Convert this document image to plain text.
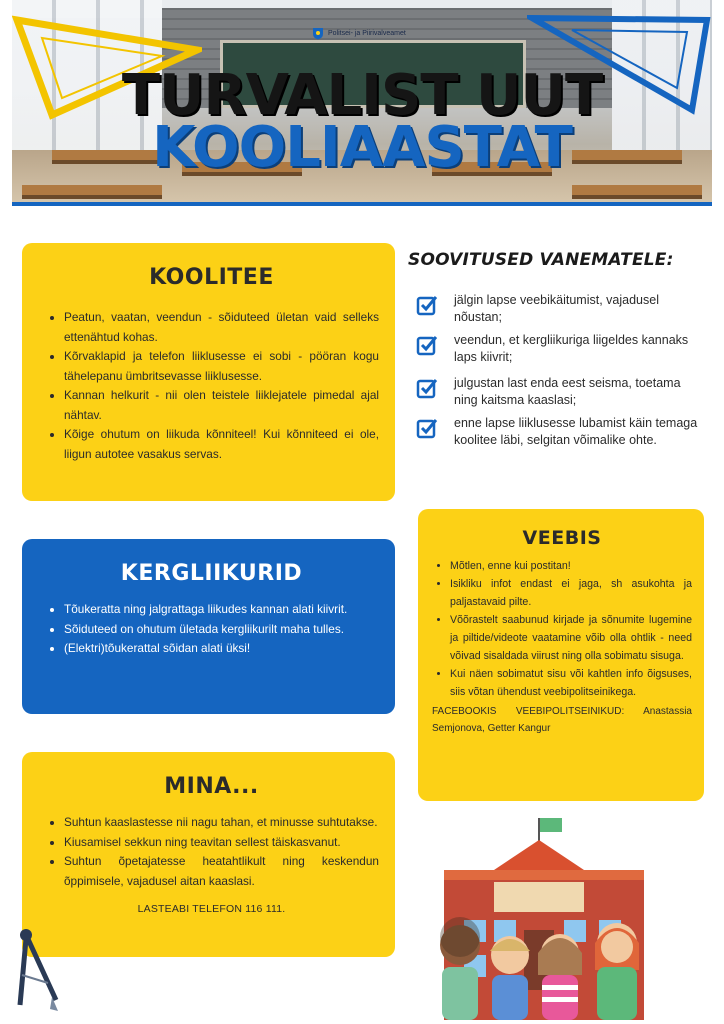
Politsei- ja Piirivalveamet
TURVALIST UUT
KOOLIAASTAT
KOOLITEE
• Peatun, vaatan, veendun - sõiduteed ületan vaid selleks ettenähtud kohas.
• Kõrvaklapid ja telefon liiklusesse ei sobi - pööran kogu tähelepanu ümbritsevasse liiklusesse.
• Kannan helkurit - nii olen teistele liiklejatele pimedal ajal nähtav.
• Kõige ohutum on liikuda kõnniteel! Kui kõnniteed ei ole, liigun autotee vasakus servas.
SOOVITUSED VANEMATELE:
jälgin lapse veebikäitumist, vajadusel nõustan;
veendun, et kergliikuriga liigeldes kannaks laps kiivrit;
julgustan last enda eest seisma, toetama ning kaitsma kaaslasi;
enne lapse liiklusesse lubamist käin temaga koolitee läbi, selgitan võimalike ohte.
KERGLIIKURID
• Tõukeratta ning jalgrattaga liikudes kannan alati kiivrit.
• Sõiduteed on ohutum ületada kergliikurilt maha tulles.
• (Elektri)tõukerattal sõidan alati üksi!
VEEBIS
• Mõtlen, enne kui postitan!
• Isikliku infot endast ei jaga, sh asukohta ja paljastavaid pilte.
• Võõrastelt saabunud kirjade ja sõnumite lugemine ja piltide/videote vaatamine võib olla ohtlik - need võivad sisaldada viirust ning olla sobimatu sisuga.
• Kui näen sobimatut sisu või kahtlen info õigsuses, siis võtan ühendust veebipolitseinikega.
FACEBOOKIS VEEBIPOLITSEINIKUD: Anastassia Semjonova, Getter Kangur
MINA...
• Suhtun kaaslastesse nii nagu tahan, et minusse suhtutakse.
• Kiusamisel sekkun ning teavitan sellest täiskasvanut.
• Suhtun õpetajatesse heatahtlikult ning keskendun õppimisele, vajadusel aitan kaaslasi.
LASTEABI TELEFON 116 111.
